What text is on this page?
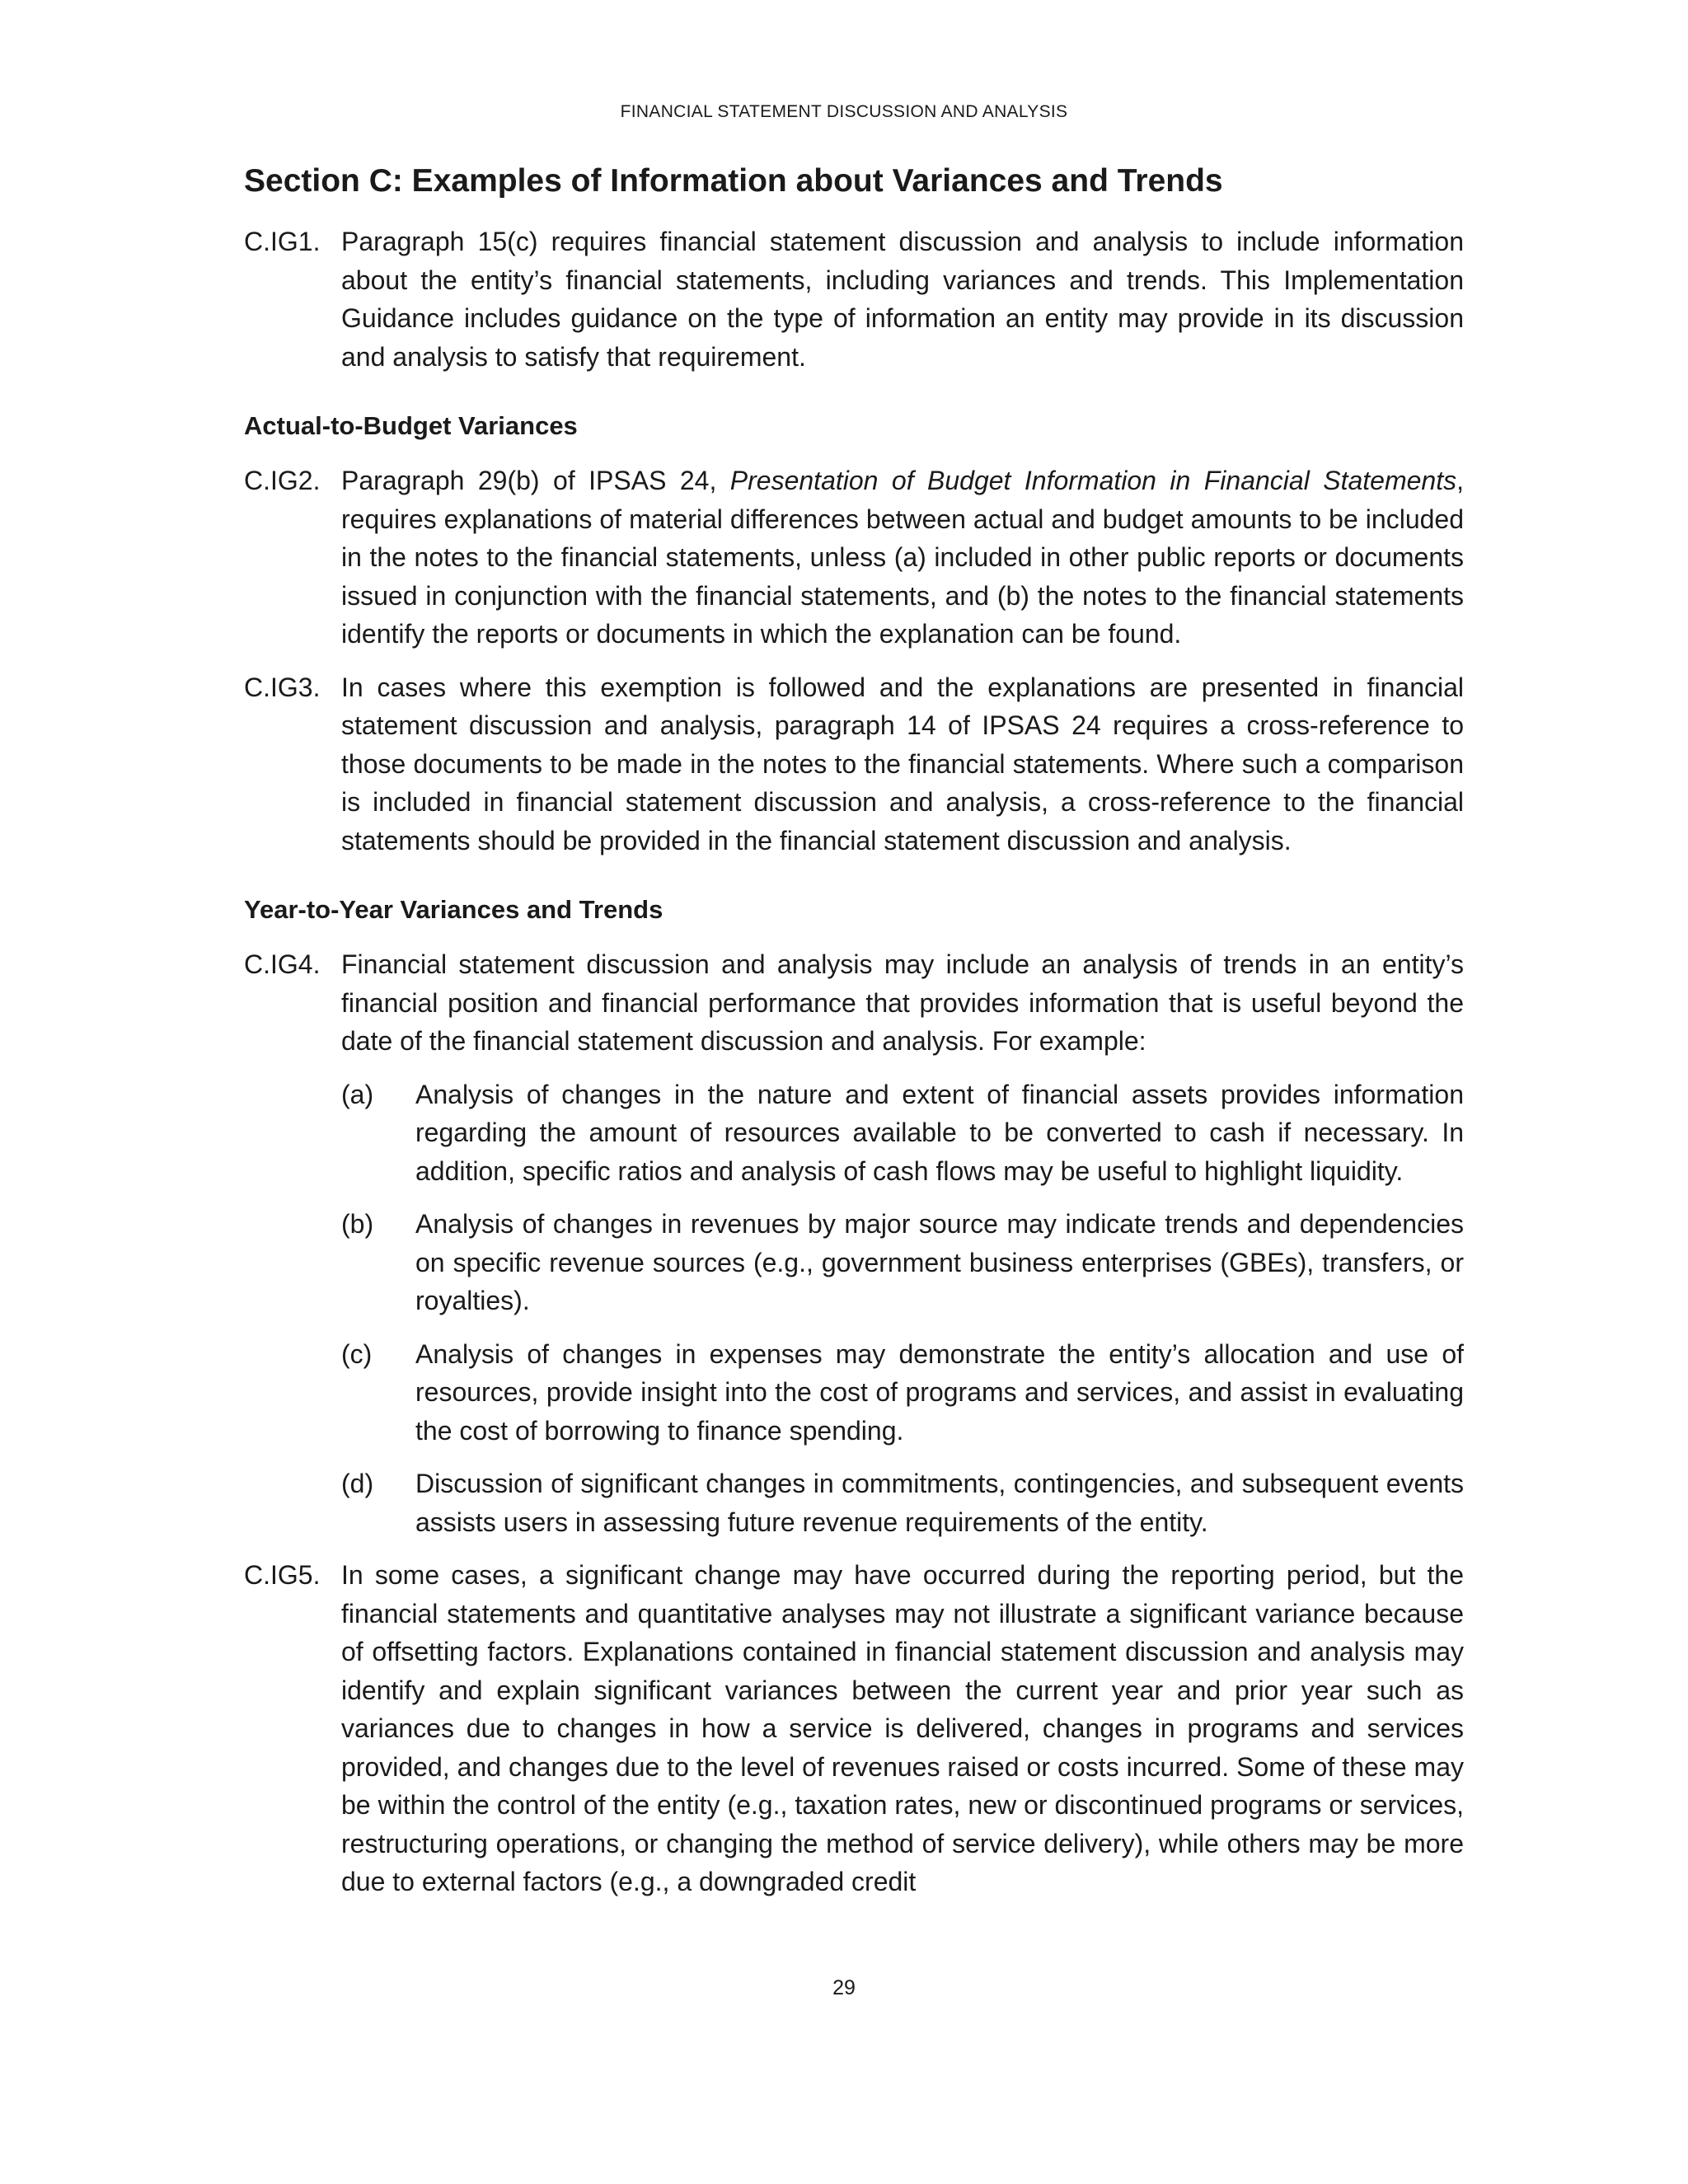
FINANCIAL STATEMENT DISCUSSION AND ANALYSIS
Section C: Examples of Information about Variances and Trends
C.IG1. Paragraph 15(c) requires financial statement discussion and analysis to include information about the entity’s financial statements, including variances and trends. This Implementation Guidance includes guidance on the type of information an entity may provide in its discussion and analysis to satisfy that requirement.
Actual-to-Budget Variances
C.IG2. Paragraph 29(b) of IPSAS 24, Presentation of Budget Information in Financial Statements, requires explanations of material differences between actual and budget amounts to be included in the notes to the financial statements, unless (a) included in other public reports or documents issued in conjunction with the financial statements, and (b) the notes to the financial statements identify the reports or documents in which the explanation can be found.
C.IG3. In cases where this exemption is followed and the explanations are presented in financial statement discussion and analysis, paragraph 14 of IPSAS 24 requires a cross-reference to those documents to be made in the notes to the financial statements. Where such a comparison is included in financial statement discussion and analysis, a cross-reference to the financial statements should be provided in the financial statement discussion and analysis.
Year-to-Year Variances and Trends
C.IG4. Financial statement discussion and analysis may include an analysis of trends in an entity’s financial position and financial performance that provides information that is useful beyond the date of the financial statement discussion and analysis. For example:
(a)	Analysis of changes in the nature and extent of financial assets provides information regarding the amount of resources available to be converted to cash if necessary. In addition, specific ratios and analysis of cash flows may be useful to highlight liquidity.
(b)	Analysis of changes in revenues by major source may indicate trends and dependencies on specific revenue sources (e.g., government business enterprises (GBEs), transfers, or royalties).
(c)	Analysis of changes in expenses may demonstrate the entity’s allocation and use of resources, provide insight into the cost of programs and services, and assist in evaluating the cost of borrowing to finance spending.
(d)	Discussion of significant changes in commitments, contingencies, and subsequent events assists users in assessing future revenue requirements of the entity.
C.IG5. In some cases, a significant change may have occurred during the reporting period, but the financial statements and quantitative analyses may not illustrate a significant variance because of offsetting factors. Explanations contained in financial statement discussion and analysis may identify and explain significant variances between the current year and prior year such as variances due to changes in how a service is delivered, changes in programs and services provided, and changes due to the level of revenues raised or costs incurred. Some of these may be within the control of the entity (e.g., taxation rates, new or discontinued programs or services, restructuring operations, or changing the method of service delivery), while others may be more due to external factors (e.g., a downgraded credit
29
